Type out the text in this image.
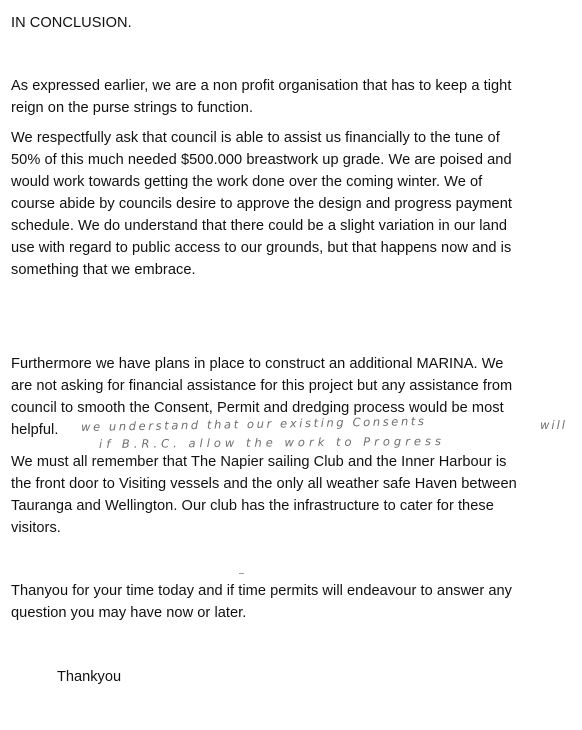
IN CONCLUSION.
As expressed earlier, we are a non profit organisation that has to keep a tight
reign on the purse strings to function.
We respectfully ask that council is able to assist us financially to the tune of
50% of this much needed $500.000 breastwork up grade. We are poised and
would work towards getting the work done over the coming winter. We of
course abide by councils desire to approve the design and progress payment
schedule. We do understand that there could be a slight variation in our land
use with regard to public access to our grounds, but that happens now and is
something that we embrace.
Furthermore we have plans in place to construct an additional MARINA. We
are not asking for financial assistance for this project but any assistance from
council to smooth the Consent, Permit and dredging process would be most
helpful.	we understand that our existing Consents	will
if B.R.C. allow the work to Progress
We must all remember that The Napier sailing Club and the Inner Harbour is
the front door to Visiting vessels and the only all weather safe Haven between
Tauranga and Wellington. Our club has the infrastructure to cater for these
visitors.
Thanyou for your time today and if time permits will endeavour to answer any
question you may have now or later.
Thankyou
